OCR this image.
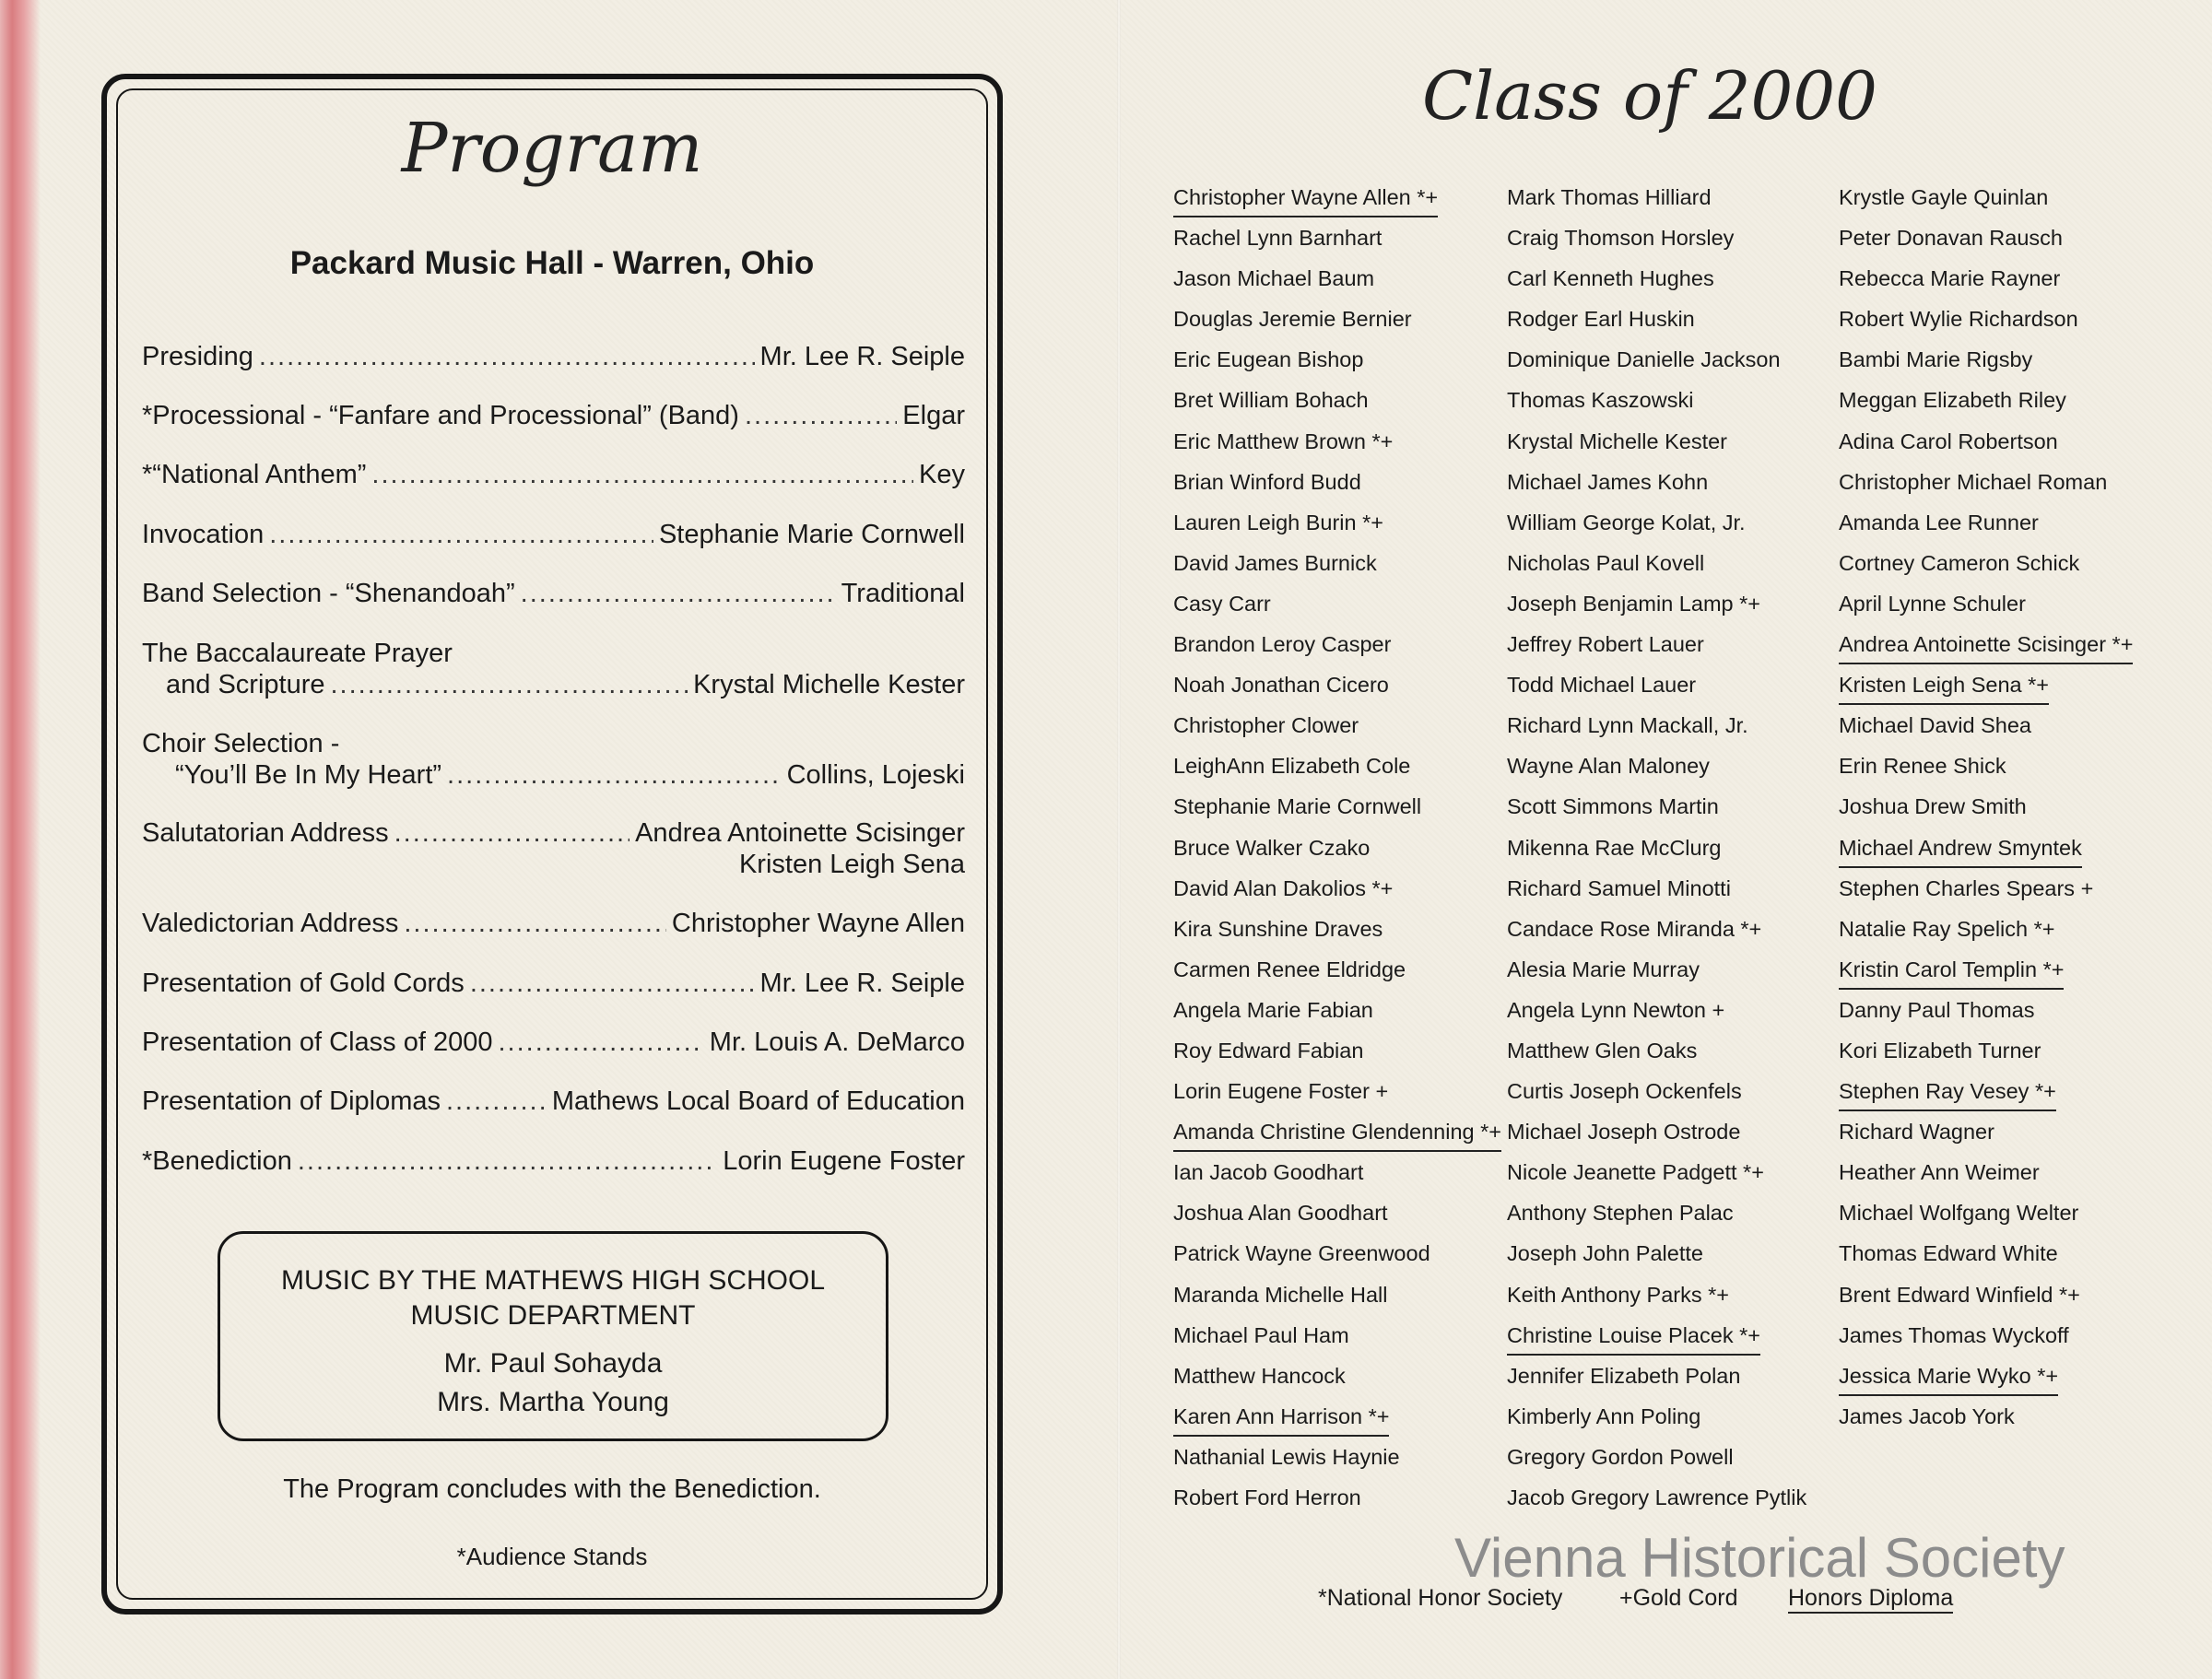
Program
Packard Music Hall - Warren, Ohio
Presiding .....	Mr. Lee R. Seiple
*Processional - “Fanfare and Processional” (Band) .....	Elgar
*“National Anthem” .....	Key
Invocation .....	Stephanie Marie Cornwell
Band Selection - “Shenandoah” .....	Traditional
The Baccalaureate Prayer
and Scripture .....	Krystal Michelle Kester
Choir Selection -
“You’ll Be In My Heart” .....	Collins, Lojeski
Salutatorian Address .....	Andrea Antoinette Scisinger
Kristen Leigh Sena
Valedictorian Address .....	Christopher Wayne Allen
Presentation of Gold Cords .....	Mr. Lee R. Seiple
Presentation of Class of 2000 .....	Mr. Louis A. DeMarco
Presentation of Diplomas .....	Mathews Local Board of Education
*Benediction .....	Lorin Eugene Foster
MUSIC BY THE MATHEWS HIGH SCHOOL
MUSIC DEPARTMENT
Mr. Paul Sohayda
Mrs. Martha Young
The Program concludes with the Benediction.
*Audience Stands
Class of 2000
Christopher Wayne Allen *+
Rachel Lynn Barnhart
Jason Michael Baum
Douglas Jeremie Bernier
Eric Eugean Bishop
Bret William Bohach
Eric Matthew Brown *+
Brian Winford Budd
Lauren Leigh Burin *+
David James Burnick
Casy Carr
Brandon Leroy Casper
Noah Jonathan Cicero
Christopher Clower
LeighAnn Elizabeth Cole
Stephanie Marie Cornwell
Bruce Walker Czako
David Alan Dakolios *+
Kira Sunshine Draves
Carmen Renee Eldridge
Angela Marie Fabian
Roy Edward Fabian
Lorin Eugene Foster +
Amanda Christine Glendenning *+
Ian Jacob Goodhart
Joshua Alan Goodhart
Patrick Wayne Greenwood
Maranda Michelle Hall
Michael Paul Ham
Matthew Hancock
Karen Ann Harrison *+
Nathanial Lewis Haynie
Robert Ford Herron
Mark Thomas Hilliard
Craig Thomson Horsley
Carl Kenneth Hughes
Rodger Earl Huskin
Dominique Danielle Jackson
Thomas Kaszowski
Krystal Michelle Kester
Michael James Kohn
William George Kolat, Jr.
Nicholas Paul Kovell
Joseph Benjamin Lamp *+
Jeffrey Robert Lauer
Todd Michael Lauer
Richard Lynn Mackall, Jr.
Wayne Alan Maloney
Scott Simmons Martin
Mikenna Rae McClurg
Richard Samuel Minotti
Candace Rose Miranda *+
Alesia Marie Murray
Angela Lynn Newton +
Matthew Glen Oaks
Curtis Joseph Ockenfels
Michael Joseph Ostrode
Nicole Jeanette Padgett *+
Anthony Stephen Palac
Joseph John Palette
Keith Anthony Parks *+
Christine Louise Placek *+
Jennifer Elizabeth Polan
Kimberly Ann Poling
Gregory Gordon Powell
Jacob Gregory Lawrence Pytlik
Krystle Gayle Quinlan
Peter Donavan Rausch
Rebecca Marie Rayner
Robert Wylie Richardson
Bambi Marie Rigsby
Meggan Elizabeth Riley
Adina Carol Robertson
Christopher Michael Roman
Amanda Lee Runner
Cortney Cameron Schick
April Lynne Schuler
Andrea Antoinette Scisinger *+
Kristen Leigh Sena *+
Michael David Shea
Erin Renee Shick
Joshua Drew Smith
Michael Andrew Smyntek
Stephen Charles Spears +
Natalie Ray Spelich *+
Kristin Carol Templin *+
Danny Paul Thomas
Kori Elizabeth Turner
Stephen Ray Vesey *+
Richard Wagner
Heather Ann Weimer
Michael Wolfgang Welter
Thomas Edward White
Brent Edward Winfield *+
James Thomas Wyckoff
Jessica Marie Wyko *+
James Jacob York
*National Honor Society +Gold Cord Honors Diploma
Vienna Historical Society
